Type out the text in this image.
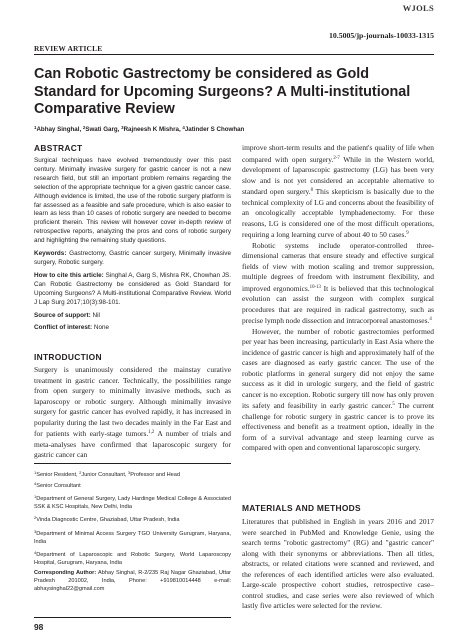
WJOLS
10.5005/jp-journals-10033-1315
REVIEW ARTICLE
Can Robotic Gastrectomy be considered as Gold Standard for Upcoming Surgeons? A Multi-institutional Comparative Review
$^1$Abhay Singhal, $^2$Swati Garg, $^3$Rajneesh K Mishra, $^4$Jatinder S Chowhan
ABSTRACT

Surgical techniques have evolved tremendously over this past century. Minimally invasive surgery for gastric cancer is not a new research field, but still an important problem remains regarding the selection of the appropriate technique for a given gastric cancer case. Although evidence is limited, the use of the robotic surgery platform is far assessed as a feasible and safe procedure, which is also easier to learn as less than 10 cases of robotic surgery are needed to become proficient therein. This review will however cover in-depth review of retrospective reports, analyzing the pros and cons of robotic surgery and highlighting the remaining study questions.

Keywords: Gastrectomy, Gastric cancer surgery, Minimally invasive surgery, Robotic surgery.

How to cite this article: Singhal A, Garg S, Mishra RK, Chowhan JS. Can Robotic Gastrectomy be considered as Gold Standard for Upcoming Surgeons? A Multi-institutional Comparative Review. World J Lap Surg 2017;10(3):98-101.

Source of support: Nil

Conflict of interest: None

INTRODUCTION
Surgery is unanimously considered the mainstay curative treatment in gastric cancer. Technically, the possibilities range from open surgery to minimally invasive methods, such as laparoscopy or robotic surgery. Although minimally invasive surgery for gastric cancer has evolved rapidly, it has increased in popularity during the last two decades mainly in the Far East and for patients with early-stage tumors.$^{1,2}$ A number of trials and meta-analyses have confirmed that laparoscopic surgery for gastric cancer can

$^1$Senior Resident, $^2$Junior Consultant, $^3$Professor and Head
$^4$Senior Consultant

$^1$Department of General Surgery, Lady Hardinge Medical College & Associated SSK & KSC Hospitals, New Delhi, India

$^2$Vinda Diagnostic Centre, Ghaziabad, Uttar Pradesh, India

$^3$Department of Minimal Access Surgery TGO University Gurugram, Haryana, India

$^4$Department of Laparoscopic and Robotic Surgery, World Laparoscopy Hospital, Gurugram, Haryana, India

Corresponding Author: Abhay Singhal, R-2/235 Raj Nagar Ghaziabad, Uttar Pradesh 201002, India, Phone: +919810014448 e-mail: abhaysinghal22@gmail.com

98

improve short-term results and the patient's quality of life when compared with open surgery.$^{2-7}$ While in the Western world, development of laparoscopic gastrectomy (LG) has been very slow and is not yet considered an acceptable alternative to standard open surgery.$^8$ This skepticism is basically due to the technical complexity of LG and concerns about the feasibility of an oncologically acceptable lymphadenectomy. For these reasons, LG is considered one of the most difficult operations, requiring a long learning curve of about 40 to 50 cases.$^9$

Robotic systems include operator-controlled three-dimensional cameras that ensure steady and effective surgical fields of view with motion scaling and tremor suppression, multiple degrees of freedom with instrument flexibility, and improved ergonomics.$^{10-13}$ It is believed that this technological evolution can assist the surgeon with complex surgical procedures that are required in radical gastrectomy, such as precise lymph node dissection and intracorporeal anastomoses.$^4$

However, the number of robotic gastrectomies performed per year has been increasing, particularly in East Asia where the incidence of gastric cancer is high and approximately half of the cases are diagnosed as early gastric cancer. The use of the robotic platforms in general surgery did not enjoy the same success as it did in urologic surgery, and the field of gastric cancer is no exception. Robotic surgery till now has only proven its safety and feasibility in early gastric cancer.$^5$ The current challenge for robotic surgery in gastric cancer is to prove its effectiveness and benefit as a treatment option, ideally in the form of a survival advantage and steep learning curve as compared with open and conventional laparoscopic surgery.

MATERIALS AND METHODS
Literatures that published in English in years 2016 and 2017 were searched in PubMed and Knowledge Genie, using the search terms "robotic gastrectomy" (RG) and "gastric cancer" along with their synonyms or abbreviations. Then all titles, abstracts, or related citations were scanned and reviewed, and the references of each identified articles were also evaluated. Large-scale prospective cohort studies, retrospective case–control studies, and case series were also reviewed of which lastly five articles were selected for the review.
